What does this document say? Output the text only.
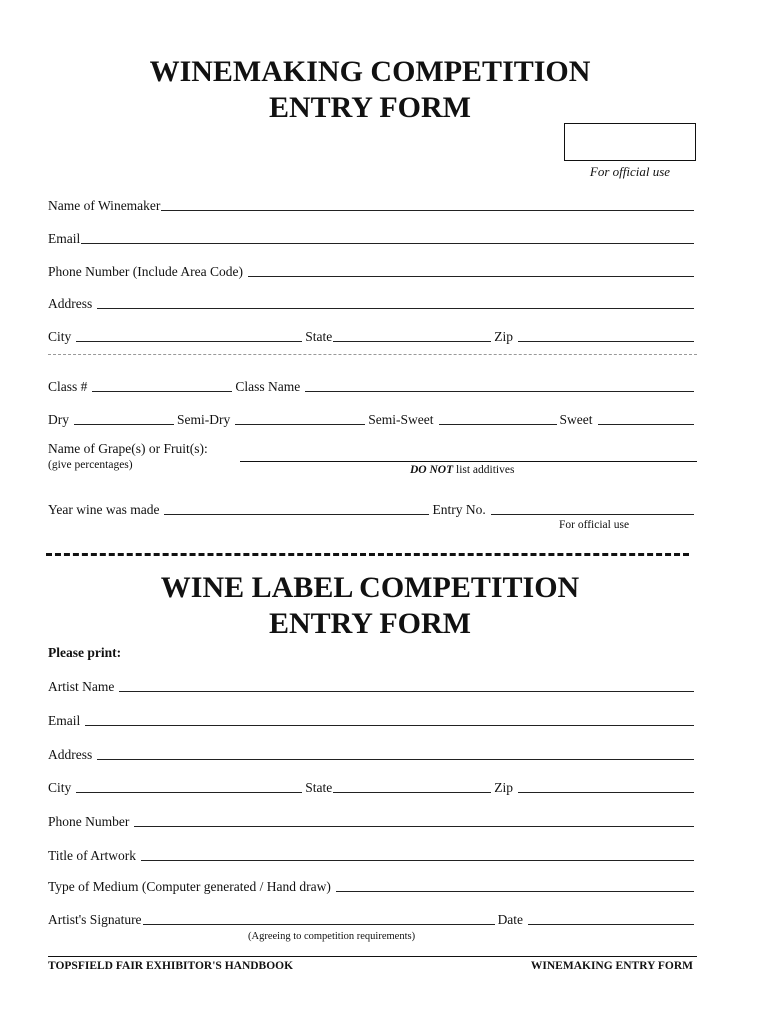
WINEMAKING COMPETITION
ENTRY FORM
For official use
Name of Winemaker
Email
Phone Number (Include Area Code)
Address
City	State	Zip
Class #	Class Name
Dry	Semi-Dry	Semi-Sweet	Sweet
Name of Grape(s) or Fruit(s):
(give percentages)	DO NOT list additives
Year wine was made	Entry No.
For official use
WINE LABEL COMPETITION
ENTRY FORM
Please print:
Artist Name
Email
Address
City	State	Zip
Phone Number
Title of Artwork
Type of Medium (Computer generated / Hand draw)
Artist's Signature	Date
(Agreeing to competition requirements)
TOPSFIELD FAIR EXHIBITOR'S HANDBOOK	WINEMAKING ENTRY FORM
